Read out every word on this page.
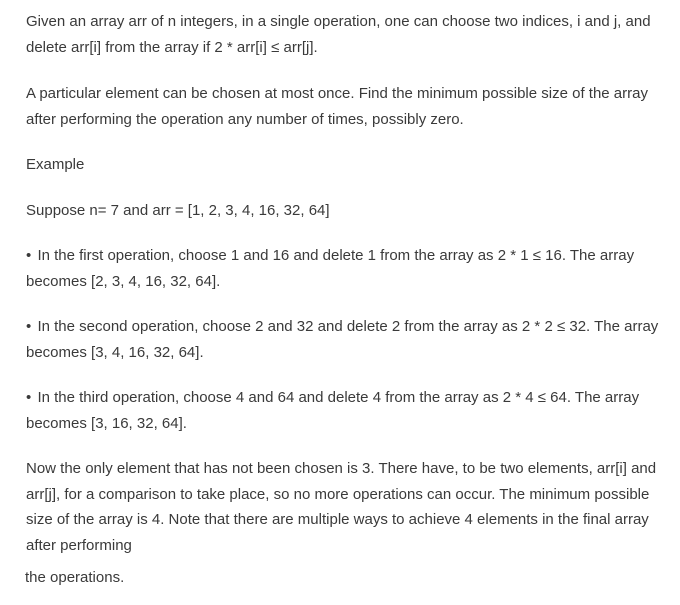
Given an array arr of n integers, in a single operation, one can choose two indices, i and j, and delete arr[i] from the array if 2 * arr[i] ≤ arr[j].

A particular element can be chosen at most once. Find the minimum possible size of the array after performing the operation any number of times, possibly zero.

Example

Suppose n= 7 and arr = [1, 2, 3, 4, 16, 32, 64]

• In the first operation, choose 1 and 16 and delete 1 from the array as 2 * 1 ≤ 16. The array becomes [2, 3, 4, 16, 32, 64].

• In the second operation, choose 2 and 32 and delete 2 from the array as 2 * 2 ≤ 32. The array becomes [3, 4, 16, 32, 64].

• In the third operation, choose 4 and 64 and delete 4 from the array as 2 * 4 ≤ 64. The array becomes [3, 16, 32, 64].

Now the only element that has not been chosen is 3. There have, to be two elements, arr[i] and arr[j], for a comparison to take place, so no more operations can occur. The minimum possible size of the array is 4. Note that there are multiple ways to achieve 4 elements in the final array after performing

the operations.
